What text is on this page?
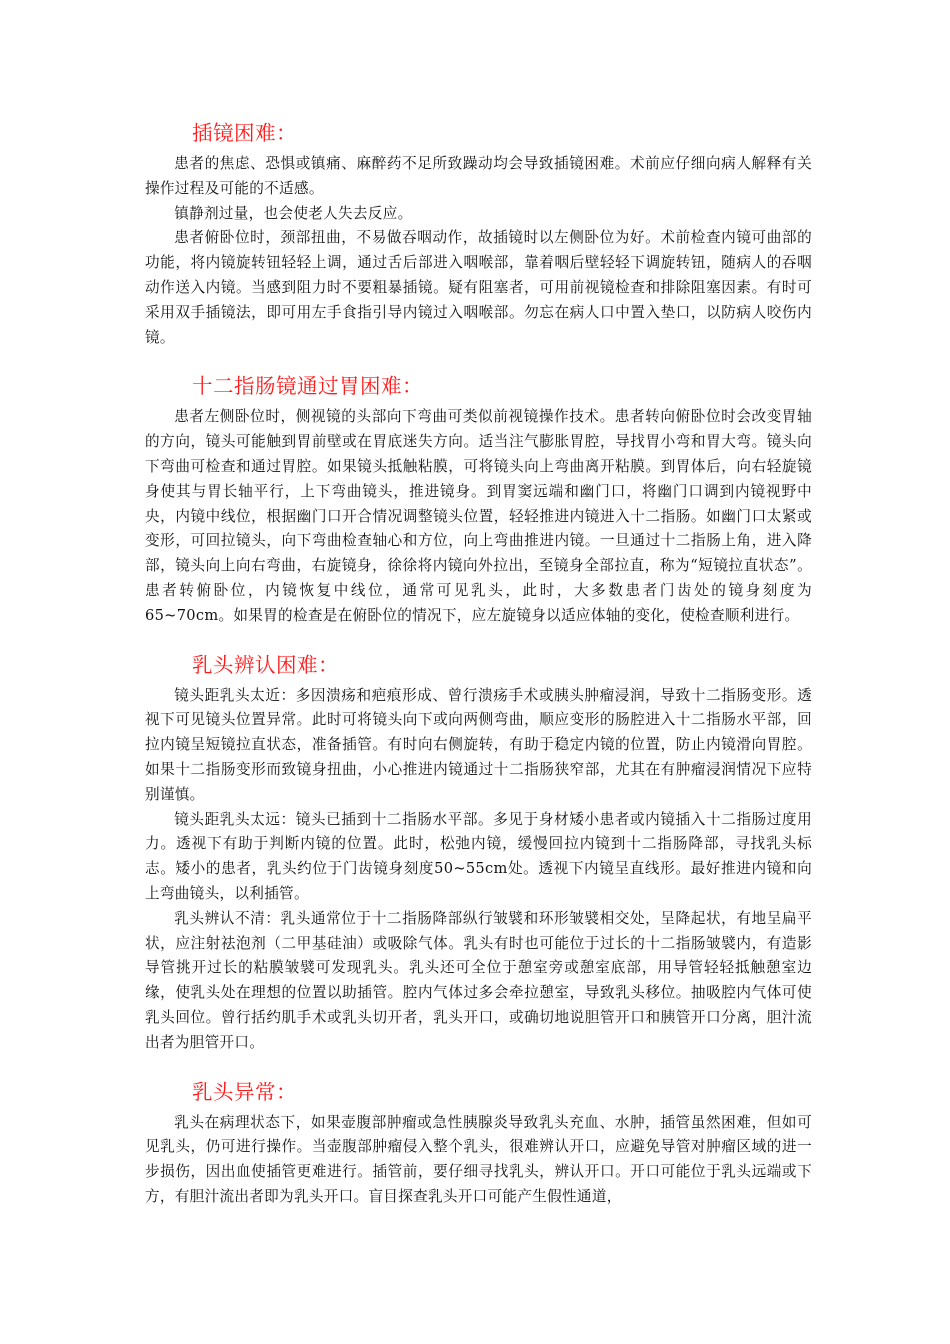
插镜困难：

患者的焦虑、恐惧或镇痛、麻醉药不足所致躁动均会导致插镜困难。术前应仔细向病人解释有关操作过程及可能的不适感。

镇静剂过量，也会使老人失去反应。

患者俯卧位时，颈部扭曲，不易做吞咽动作，故插镜时以左侧卧位为好。术前检查内镜可曲部的功能，将内镜旋转钮轻轻上调，通过舌后部进入咽喉部，靠着咽后壁轻轻下调旋转钮，随病人的吞咽动作送入内镜。当感到阻力时不要粗暴插镜。疑有阻塞者，可用前视镜检查和排除阻塞因素。有时可采用双手插镜法，即可用左手食指引导内镜过入咽喉部。勿忘在病人口中置入垫口，以防病人咬伤内镜。

十二指肠镜通过胃困难：

患者左侧卧位时，侧视镜的头部向下弯曲可类似前视镜操作技术。患者转向俯卧位时会改变胃轴的方向，镜头可能触到胃前壁或在胃底迷失方向。适当注气膨胀胃腔，导找胃小弯和胃大弯。镜头向下弯曲可检查和通过胃腔。如果镜头抵触粘膜，可将镜头向上弯曲离开粘膜。到胃体后，向右轻旋镜身使其与胃长轴平行，上下弯曲镜头，推进镜身。到胃窦远端和幽门口，将幽门口调到内镜视野中央，内镜中线位，根据幽门口开合情况调整镜头位置，轻轻推进内镜进入十二指肠。如幽门口太紧或变形，可回拉镜头，向下弯曲检查轴心和方位，向上弯曲推进内镜。一旦通过十二指肠上角，进入降部，镜头向上向右弯曲，右旋镜身，徐徐将内镜向外拉出，至镜身全部拉直，称为“短镜拉直状态”。患者转俯卧位，内镜恢复中线位，通常可见乳头，此时，大多数患者门齿处的镜身刻度为65~70cm。如果胃的检查是在俯卧位的情况下，应左旋镜身以适应体轴的变化，使检查顺利进行。

乳头辨认困难：

镜头距乳头太近：多因溃疡和疤痕形成、曾行溃疡手术或胰头肿瘤浸润，导致十二指肠变形。透视下可见镜头位置异常。此时可将镜头向下或向两侧弯曲，顺应变形的肠腔进入十二指肠水平部，回拉内镜呈短镜拉直状态，准备插管。有时向右侧旋转，有助于稳定内镜的位置，防止内镜滑向胃腔。如果十二指肠变形而致镜身扭曲，小心推进内镜通过十二指肠狭窄部，尤其在有肿瘤浸润情况下应特别谨慎。

镜头距乳头太远：镜头已插到十二指肠水平部。多见于身材矮小患者或内镜插入十二指肠过度用力。透视下有助于判断内镜的位置。此时，松弛内镜，缓慢回拉内镜到十二指肠降部，寻找乳头标志。矮小的患者，乳头约位于门齿镜身刻度50~55cm处。透视下内镜呈直线形。最好推进内镜和向上弯曲镜头，以利插管。

乳头辨认不清：乳头通常位于十二指肠降部纵行皱襞和环形皱襞相交处，呈降起状，有地呈扁平状，应注射祛泡剂（二甲基硅油）或吸除气体。乳头有时也可能位于过长的十二指肠皱襞内，有造影导管挑开过长的粘膜皱襞可发现乳头。乳头还可全位于憩室旁或憩室底部，用导管轻轻抵触憩室边缘，使乳头处在理想的位置以助插管。腔内气体过多会牵拉憩室，导致乳头移位。抽吸腔内气体可使乳头回位。曾行括约肌手术或乳头切开者，乳头开口，或确切地说胆管开口和胰管开口分离，胆汁流出者为胆管开口。

乳头异常：

乳头在病理状态下，如果壶腹部肿瘤或急性胰腺炎导致乳头充血、水肿，插管虽然困难，但如可见乳头，仍可进行操作。当壶腹部肿瘤侵入整个乳头，很难辨认开口，应避免导管对肿瘤区域的进一步损伤，因出血使插管更难进行。插管前，要仔细寻找乳头，辨认开口。开口可能位于乳头远端或下方，有胆汁流出者即为乳头开口。盲目探查乳头开口可能产生假性通道，
